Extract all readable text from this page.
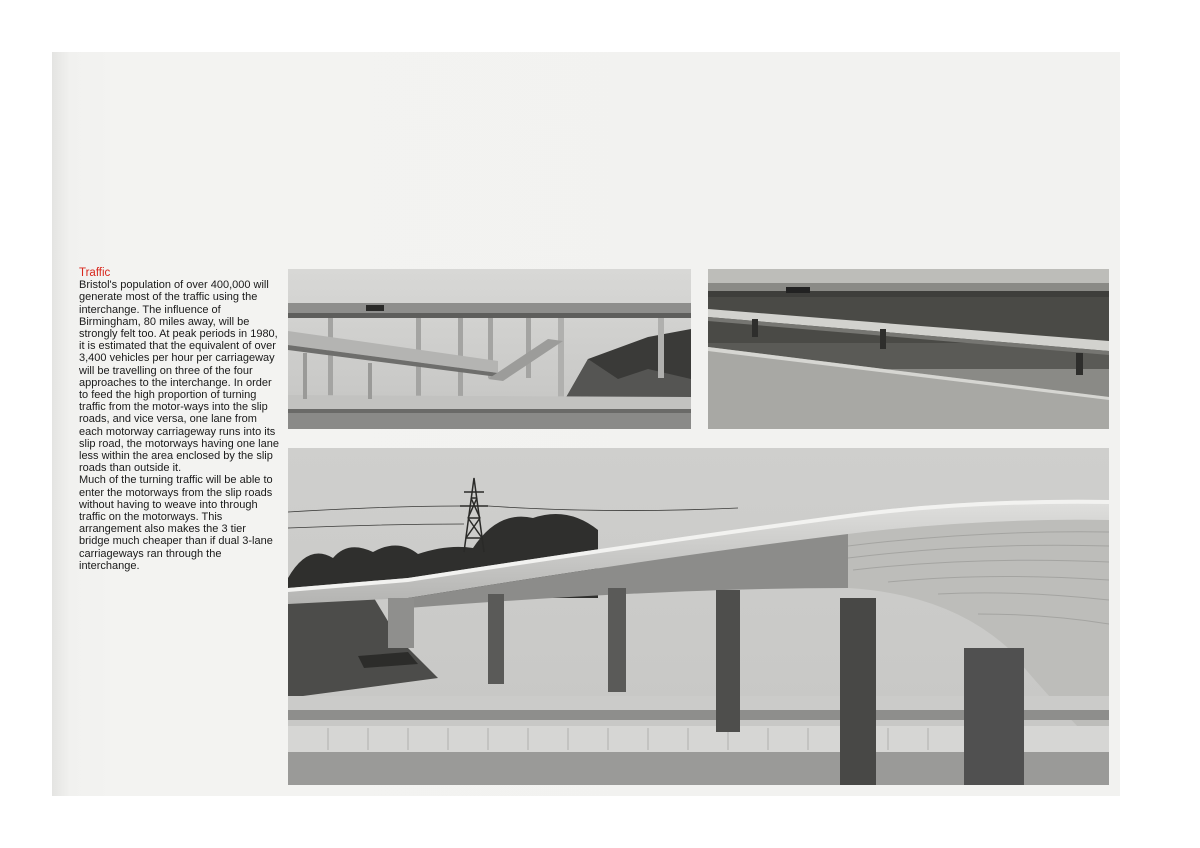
Traffic

Bristol's population of over 400,000 will generate most of the traffic using the interchange. The influence of Birmingham, 80 miles away, will be strongly felt too. At peak periods in 1980, it is estimated that the equivalent of over 3,400 vehicles per hour per carriageway will be travelling on three of the four approaches to the interchange. In order to feed the high proportion of turning traffic from the motor-ways into the slip roads, and vice versa, one lane from each motorway carriageway runs into its slip road, the motorways having one lane less within the area enclosed by the slip roads than outside it.

Much of the turning traffic will be able to enter the motorways from the slip roads without having to weave into through traffic on the motorways. This arrangement also makes the 3 tier bridge much cheaper than if dual 3-lane carriageways ran through the interchange.
